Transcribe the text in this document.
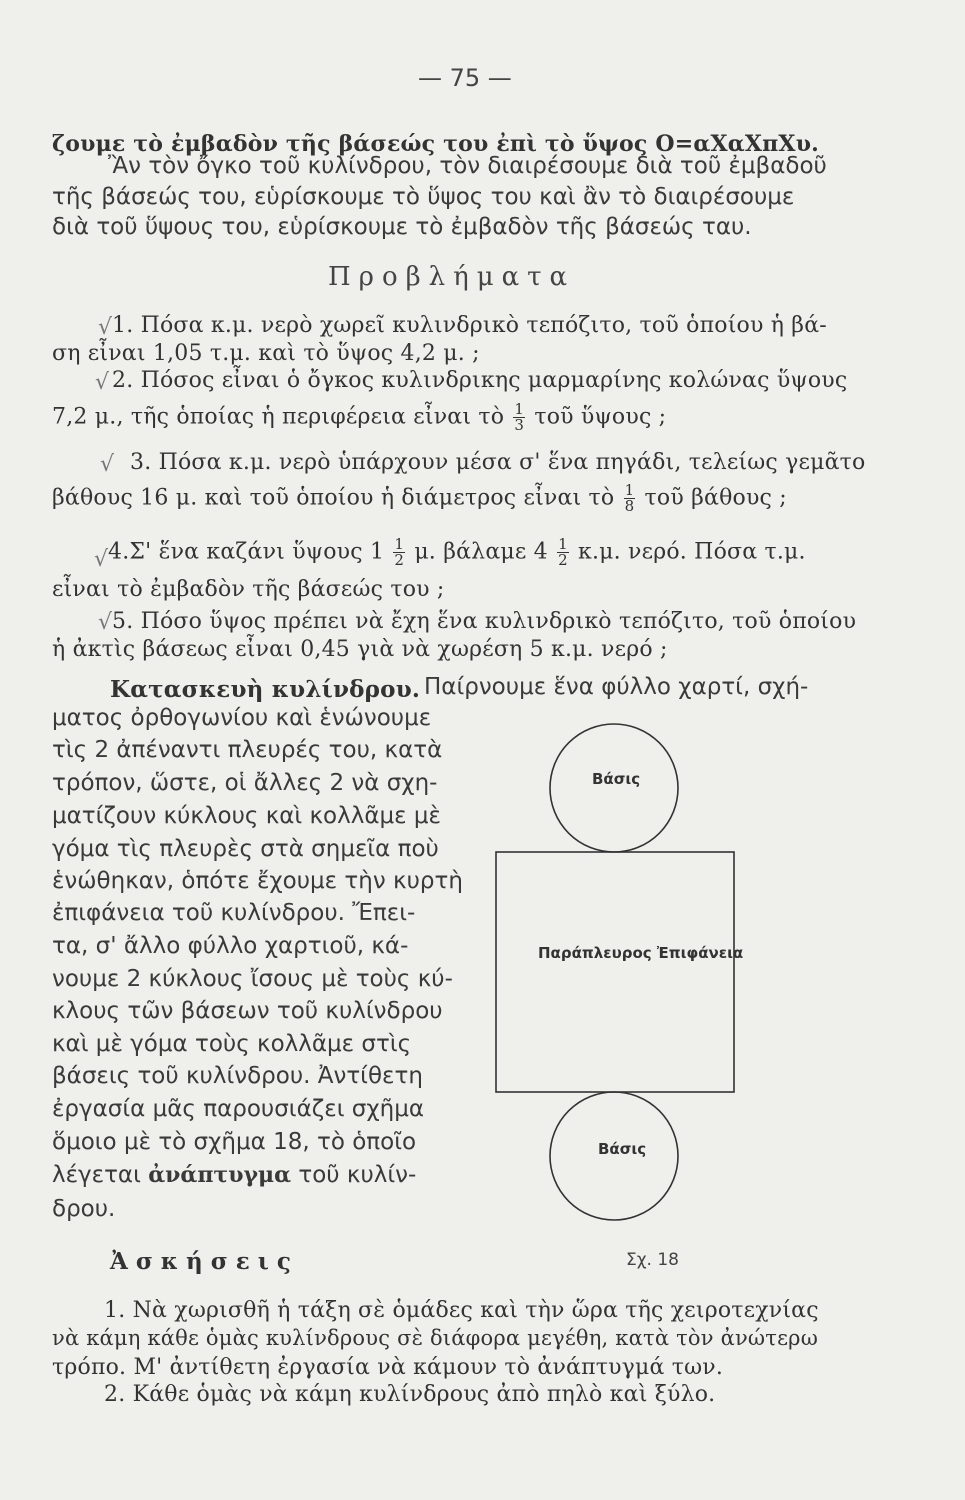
— 75 —
ζουμε τὸ ἐμβαδὸν τῆς βάσεώς του ἐπὶ τὸ ὕψος Ο=αΧαΧπΧυ.
Ἂν τὸν ὄγκο τοῦ κυλίνδρου, τὸν διαιρέσουμε διὰ τοῦ ἐμβαδοῦ
τῆς βάσεώς του, εὑρίσκουμε τὸ ὕψος του καὶ ἂν τὸ διαιρέσουμε
διὰ τοῦ ὕψους του, εὑρίσκουμε τὸ ἐμβαδὸν τῆς βάσεώς ταυ.
Προβλήματα
√ 1. Πόσα κ.μ. νερὸ χωρεῖ κυλινδρικὸ τεπόζιτο, τοῦ ὁποίου ἡ βά-
ση εἶναι 1,05 τ.μ. καὶ τὸ ὕψος 4,2 μ. ;
√ 2. Πόσος εἶναι ὁ ὄγκος κυλινδρικης μαρμαρίνης κολώνας ὕψους
7,2 μ., τῆς ὁποίας ἡ περιφέρεια εἶναι τὸ $\frac{1}{3}$ τοῦ ὕψους ;
√ 3. Πόσα κ.μ. νερὸ ὑπάρχουν μέσα σ' ἕνα πηγάδι, τελείως γεμᾶτο
βάθους 16 μ. καὶ τοῦ ὁποίου ἡ διάμετρος εἶναι τὸ $\frac{1}{8}$ τοῦ βάθους ;
√ 4.Σ' ἕνα καζάνι ὕψους $1 \frac{1}{2} \mu$. βάλαμε $4 \frac{1}{2} \kappa.\mu$. νερό. Πόσα τ.μ.
εἶναι τὸ ἐμβαδὸν τῆς βάσεώς του ;
√ 5. Πόσο ὕψος πρέπει νὰ ἔχη ἕνα κυλινδρικὸ τεπόζιτο, τοῦ ὁποίου
ἡ ἀκτὶς βάσεως εἶναι 0,45 γιὰ νὰ χωρέση 5 κ.μ. νερό ;
Κατασκευὴ κυλίνδρου. Παίρνουμε ἕνα φύλλο χαρτί, σχή-
ματος ὀρθογωνίου καὶ ἑνώνουμε
τὶς 2 ἀπέναντι πλευρές του, κατὰ
τρόπον, ὥστε, οἱ ἄλλες 2 νὰ σχη-
ματίζουν κύκλους καὶ κολλᾶμε μὲ
γόμα τὶς πλευρὲς στὰ σημεῖα ποὺ
ἑνώθηκαν, ὁπότε ἔχουμε τὴν κυρτὴ
ἐπιφάνεια τοῦ κυλίνδρου. Ἔπει-
τα, σ' ἄλλο φύλλο χαρτιοῦ, κά-
νουμε 2 κύκλους ἴσους μὲ τοὺς κύ-
κλους τῶν βάσεων τοῦ κυλίνδρου
καὶ μὲ γόμα τοὺς κολλᾶμε στὶς
βάσεις τοῦ κυλίνδρου. Ἀντίθετη
ἐργασία μᾶς παρουσιάζει σχῆμα
ὅμοιο μὲ τὸ σχῆμα 18, τὸ ὁποῖο
λέγεται ἀνάπτυγμα τοῦ κυλίν-
δρου.
Βάσις
Παράπλευρος Ἐπιφάνεια
Βάσις
Σχ. 18
Ἀσκήσεις
1. Νὰ χωρισθῆ ἡ τάξη σὲ ὁμάδες καὶ τὴν ὥρα τῆς χειροτεχνίας
νὰ κάμη κάθε ὁμὰς κυλίνδρους σὲ διάφορα μεγέθη, κατὰ τὸν ἀνώτερω
τρόπο. Μ' ἀντίθετη ἐργασία νὰ κάμουν τὸ ἀνάπτυγμά των.
2. Κάθε ὁμὰς νὰ κάμη κυλίνδρους ἀπὸ πηλὸ καὶ ξύλο.
